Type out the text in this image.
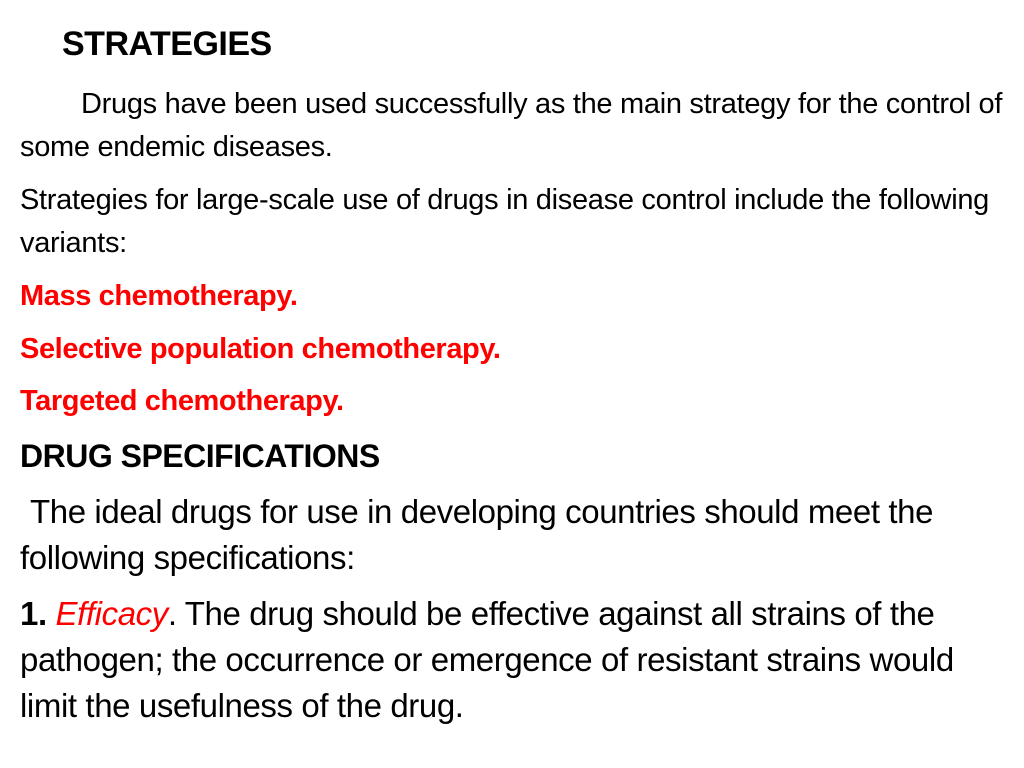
STRATEGIES

Drugs have been used successfully as the main strategy for the control of some endemic diseases.

Strategies for large-scale use of drugs in disease control include the following variants:

Mass chemotherapy.

Selective population chemotherapy.

Targeted chemotherapy.

DRUG SPECIFICATIONS

The ideal drugs for use in developing countries should meet the following specifications:

1. Efficacy. The drug should be effective against all strains of the pathogen; the occurrence or emergence of resistant strains would limit the usefulness of the drug.
